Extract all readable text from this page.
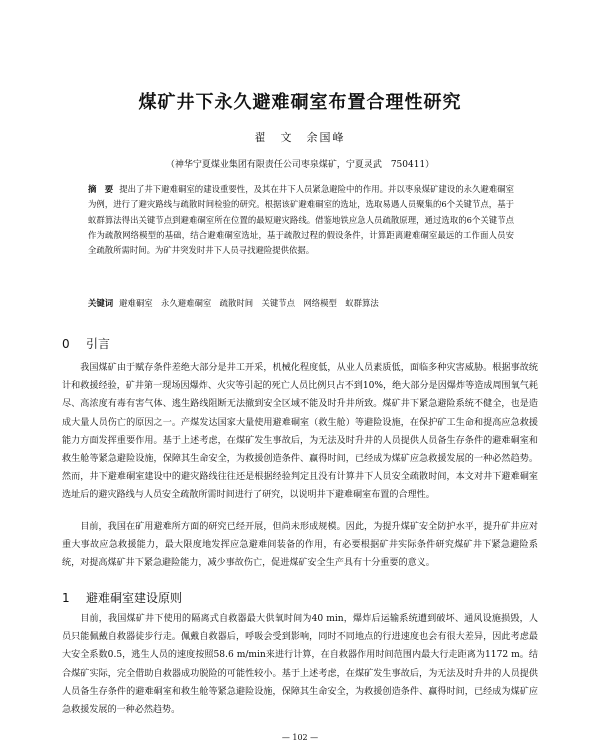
煤矿井下永久避难硐室布置合理性研究
翟　文　余国峰
（神华宁夏煤业集团有限责任公司枣泉煤矿，宁夏灵武　750411）
摘　要 提出了井下避难硐室的建设重要性，及其在井下人员紧急避险中的作用。并以枣泉煤矿建设的永久避难硐室为例，进行了避灾路线与疏散时间检验的研究。根据该矿避难硐室的选址，选取易遇人员聚集的6个关键节点，基于蚁群算法得出关键节点到避难硐室所在位置的最短避灾路线。借鉴地铁应急人员疏散原理，通过选取的6个关键节点作为疏散网络模型的基础，结合避难硐室选址，基于疏散过程的假设条件，计算距离避难硐室最远的工作面人员安全疏散所需时间。为矿井突发时井下人员寻找避险提供依据。
关键词 避难硐室　永久避难硐室　疏散时间　关键节点　网络模型　蚁群算法
0 引言
我国煤矿由于赋存条件差绝大部分是井工开采，机械化程度低，从业人员素质低，面临多种灾害威胁。根据事故统计和救援经验，矿井第一现场因爆炸、火灾等引起的死亡人员比例只占不到10%，绝大部分是因爆炸等造成周围氧气耗尽、高浓度有毒有害气体、逃生路线阻断无法撤到安全区域不能及时升井所致。煤矿井下紧急避险系统不健全，也是造成大量人员伤亡的原因之一。产煤发达国家大量使用避难硐室（救生舱）等避险设施，在保护矿工生命和提高应急救援能力方面发挥重要作用。基于上述考虑，在煤矿发生事故后，为无法及时升井的人员提供人员备生存条件的避难硐室和救生舱等紧急避险设施，保障其生命安全，为救援创造条件、赢得时间，已经成为煤矿应急救援发展的一种必然趋势。然而，井下避难硐室建设中的避灾路线往往还是根据经验判定且没有计算井下人员安全疏散时间，本文对井下避难硐室选址后的避灾路线与人员安全疏散所需时间进行了研究，以说明井下避难硐室布置的合理性。
目前，我国在矿用避难所方面的研究已经开展，但尚未形成规模。因此，为提升煤矿安全防护水平，提升矿井应对重大事故应急救援能力，最大限度地发挥应急避难间装备的作用，有必要根据矿井实际条件研究煤矿井下紧急避险系统，对提高煤矿井下紧急避险能力，减少事故伤亡，促进煤矿安全生产具有十分重要的意义。
1 避难硐室建设原则
目前，我国煤矿井下使用的隔离式自救器最大供氧时间为40 min，爆炸后运输系统遭到破坏、通风设施损毁，人员只能佩戴自救器徒步行走。佩戴自救器后，呼吸会受到影响，同时不同地点的行进速度也会有很大差异，因此考虑最大安全系数0.5，逃生人员的速度按照58.6 m/min来进行计算，在自救器作用时间范围内最大行走距离为1172 m。结合煤矿实际，完全借助自救器成功脱险的可能性较小。基于上述考虑，在煤矿发生事故后，为无法及时升井的人员提供人员备生存条件的避难硐室和救生舱等紧急避险设施，保障其生命安全，为救援创造条件、赢得时间，已经成为煤矿应急救援发展的一种必然趋势。
— 102 —
